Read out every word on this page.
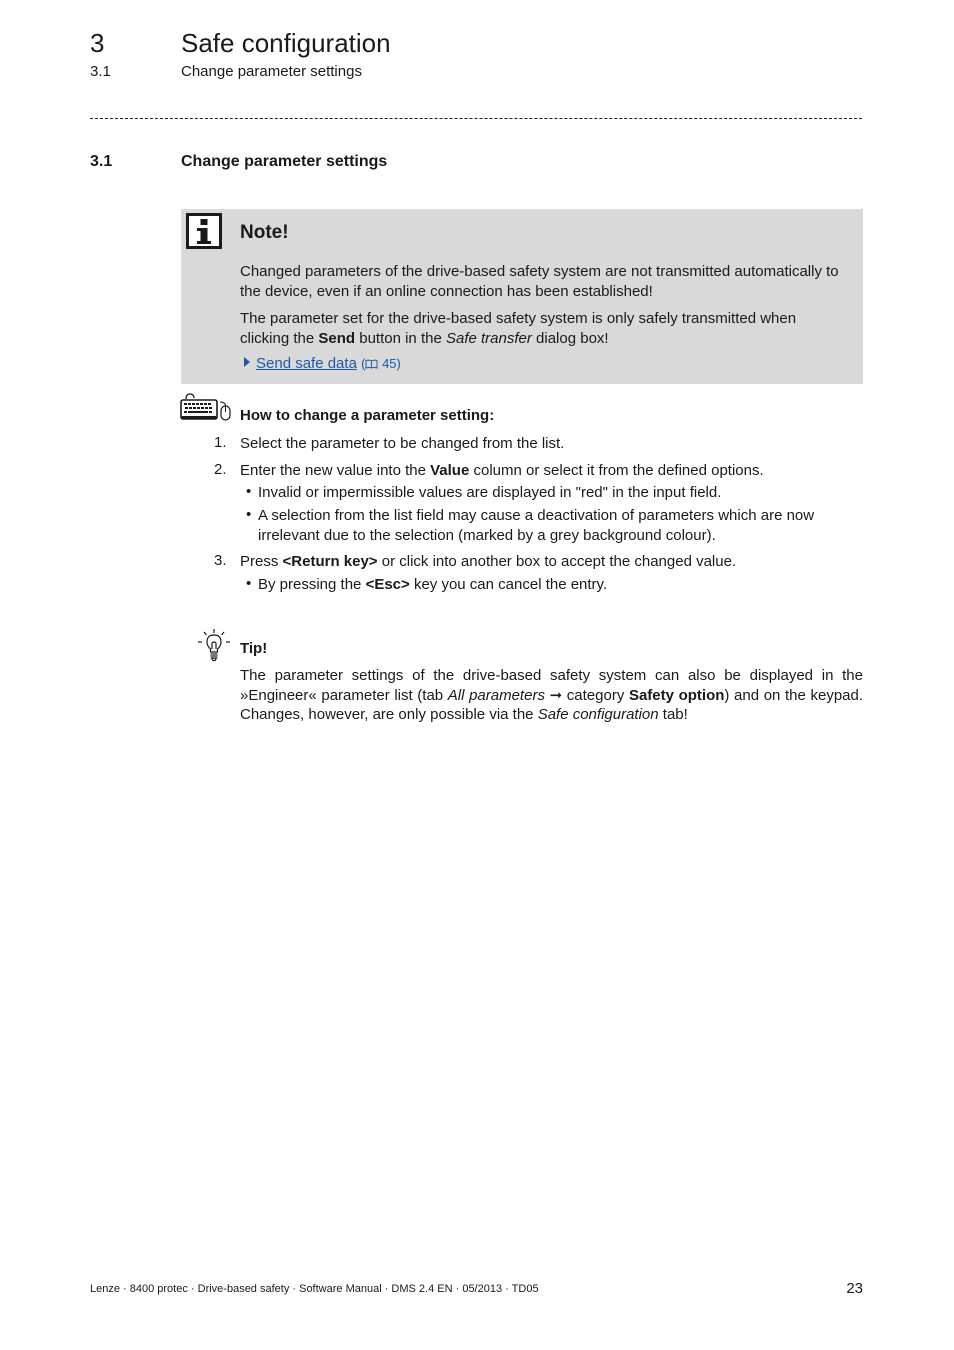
3	Safe configuration
3.1	Change parameter settings
3.1	Change parameter settings
Note!
Changed parameters of the drive-based safety system are not transmitted automatically to the device, even if an online connection has been established!
The parameter set for the drive-based safety system is only safely transmitted when clicking the Send button in the Safe transfer dialog box!
Send safe data ( 45)
How to change a parameter setting:
1. Select the parameter to be changed from the list.
2. Enter the new value into the Value column or select it from the defined options.
• Invalid or impermissible values are displayed in "red" in the input field.
• A selection from the list field may cause a deactivation of parameters which are now irrelevant due to the selection (marked by a grey background colour).
3. Press <Return key> or click into another box to accept the changed value.
• By pressing the <Esc> key you can cancel the entry.
Tip!
The parameter settings of the drive-based safety system can also be displayed in the »Engineer« parameter list (tab All parameters ➞ category Safety option) and on the keypad. Changes, however, are only possible via the Safe configuration tab!
Lenze · 8400 protec · Drive-based safety · Software Manual · DMS 2.4 EN · 05/2013 · TD05	23
